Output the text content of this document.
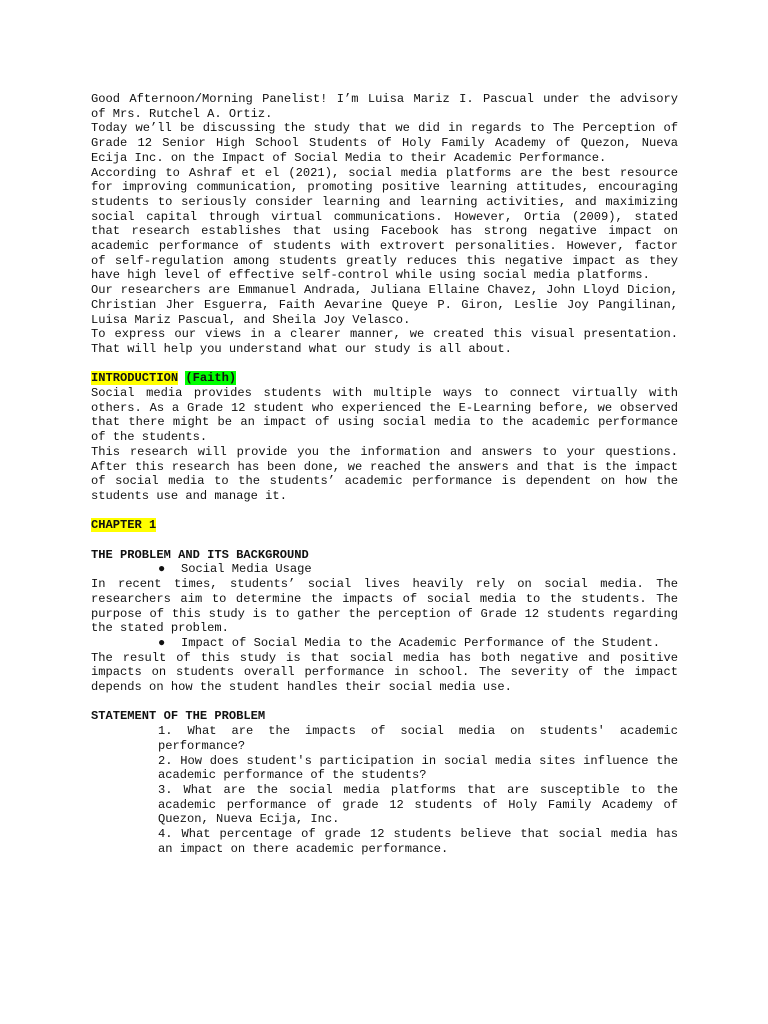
Good Afternoon/Morning Panelist! I’m Luisa Mariz I. Pascual under the advisory of Mrs. Rutchel A. Ortiz.

Today we’ll be discussing the study that we did in regards to The Perception of Grade 12 Senior High School Students of Holy Family Academy of Quezon, Nueva Ecija Inc. on the Impact of Social Media to their Academic Performance.

According to Ashraf et el (2021), social media platforms are the best resource for improving communication, promoting positive learning attitudes, encouraging students to seriously consider learning and learning activities, and maximizing social capital through virtual communications. However, Ortia (2009), stated that research establishes that using Facebook has strong negative impact on academic performance of students with extrovert personalities. However, factor of self-regulation among students greatly reduces this negative impact as they have high level of effective self-control while using social media platforms.

Our researchers are Emmanuel Andrada, Juliana Ellaine Chavez, John Lloyd Dicion, Christian Jher Esguerra, Faith Aevarine Queye P. Giron, Leslie Joy Pangilinan, Luisa Mariz Pascual, and Sheila Joy Velasco.

To express our views in a clearer manner, we created this visual presentation. That will help you understand what our study is all about.

INTRODUCTION (Faith)

Social media provides students with multiple ways to connect virtually with others. As a Grade 12 student who experienced the E-Learning before, we observed that there might be an impact of using social media to the academic performance of the students.

This research will provide you the information and answers to your questions. After this research has been done, we reached the answers and that is the impact of social media to the students’ academic performance is dependent on how the students use and manage it.

CHAPTER 1

THE PROBLEM AND ITS BACKGROUND

●	Social Media Usage

In recent times, students’ social lives heavily rely on social media. The researchers aim to determine the impacts of social media to the students. The purpose of this study is to gather the perception of Grade 12 students regarding the stated problem.

●	Impact of Social Media to the Academic Performance of the Student.

The result of this study is that social media has both negative and positive impacts on students overall performance in school. The severity of the impact depends on how the student handles their social media use.

STATEMENT OF THE PROBLEM

1. What are the impacts of social media on students' academic performance?

2. How does student's participation in social media sites influence the academic performance of the students?

3. What are the social media platforms that are susceptible to the academic performance of grade 12 students of Holy Family Academy of Quezon, Nueva Ecija, Inc.

4. What percentage of grade 12 students believe that social media has an impact on there academic performance.
